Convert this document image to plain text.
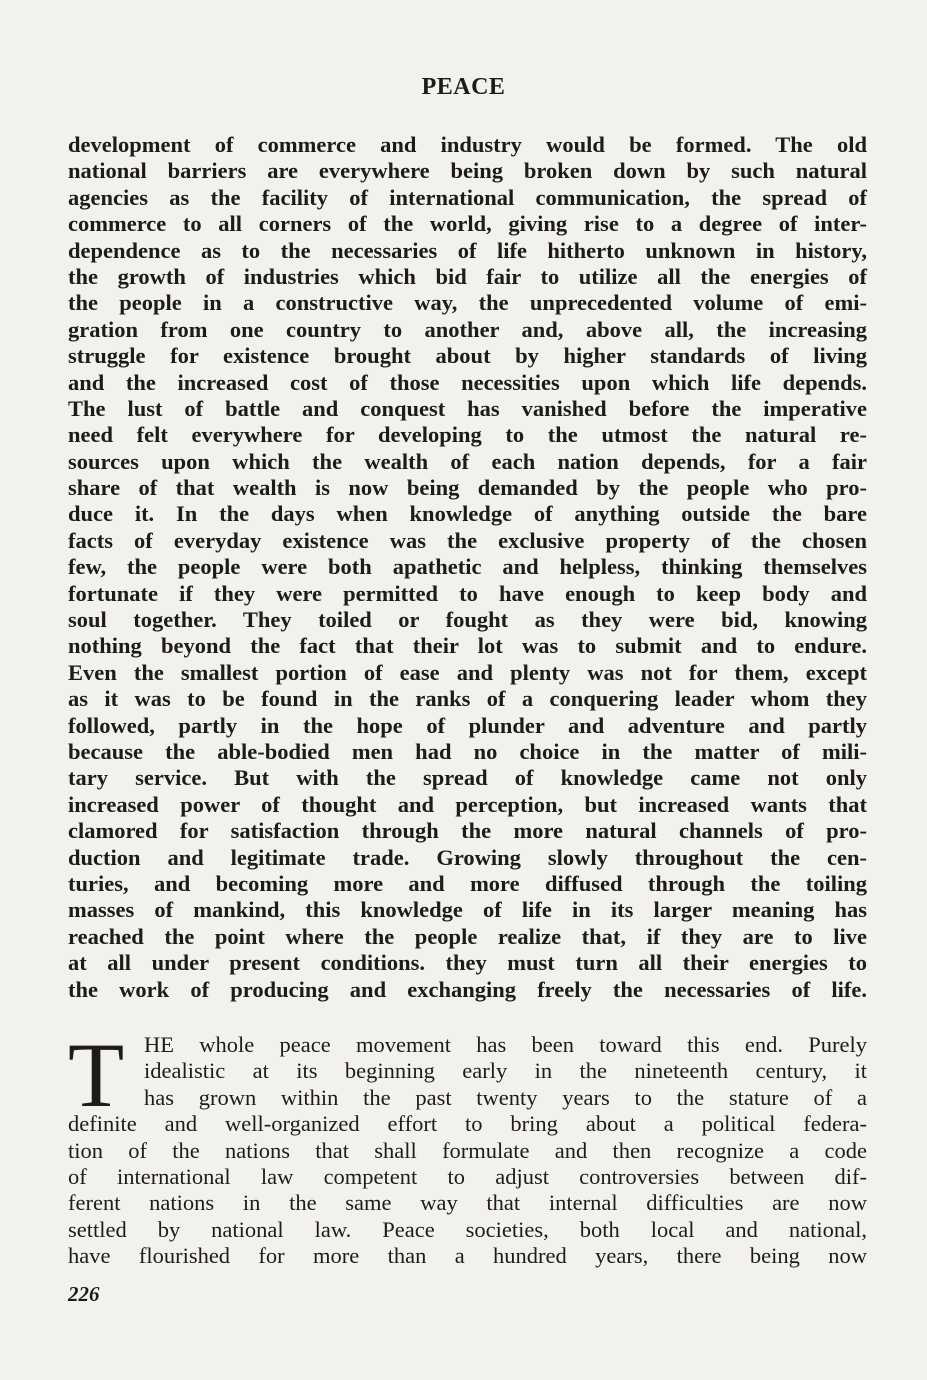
PEACE
development of commerce and industry would be formed. The old
national barriers are everywhere being broken down by such natural
agencies as the facility of international communication, the spread of
commerce to all corners of the world, giving rise to a degree of inter-
dependence as to the necessaries of life hitherto unknown in history,
the growth of industries which bid fair to utilize all the energies of
the people in a constructive way, the unprecedented volume of emi-
gration from one country to another and, above all, the increasing
struggle for existence brought about by higher standards of living
and the increased cost of those necessities upon which life depends.
The lust of battle and conquest has vanished before the imperative
need felt everywhere for developing to the utmost the natural re-
sources upon which the wealth of each nation depends, for a fair
share of that wealth is now being demanded by the people who pro-
duce it. In the days when knowledge of anything outside the bare
facts of everyday existence was the exclusive property of the chosen
few, the people were both apathetic and helpless, thinking themselves
fortunate if they were permitted to have enough to keep body and
soul together. They toiled or fought as they were bid, knowing
nothing beyond the fact that their lot was to submit and to endure.
Even the smallest portion of ease and plenty was not for them, except
as it was to be found in the ranks of a conquering leader whom they
followed, partly in the hope of plunder and adventure and partly
because the able-bodied men had no choice in the matter of mili-
tary service. But with the spread of knowledge came not only
increased power of thought and perception, but increased wants that
clamored for satisfaction through the more natural channels of pro-
duction and legitimate trade. Growing slowly throughout the cen-
turies, and becoming more and more diffused through the toiling
masses of mankind, this knowledge of life in its larger meaning has
reached the point where the people realize that, if they are to live
at all under present conditions. they must turn all their energies to
the work of producing and exchanging freely the necessaries of life.
T HE whole peace movement has been toward this end. Purely
idealistic at its beginning early in the nineteenth century, it
has grown within the past twenty years to the stature of a
definite and well-organized effort to bring about a political federa-
tion of the nations that shall formulate and then recognize a code
of international law competent to adjust controversies between dif-
ferent nations in the same way that internal difficulties are now
settled by national law. Peace societies, both local and national,
have flourished for more than a hundred years, there being now
226
